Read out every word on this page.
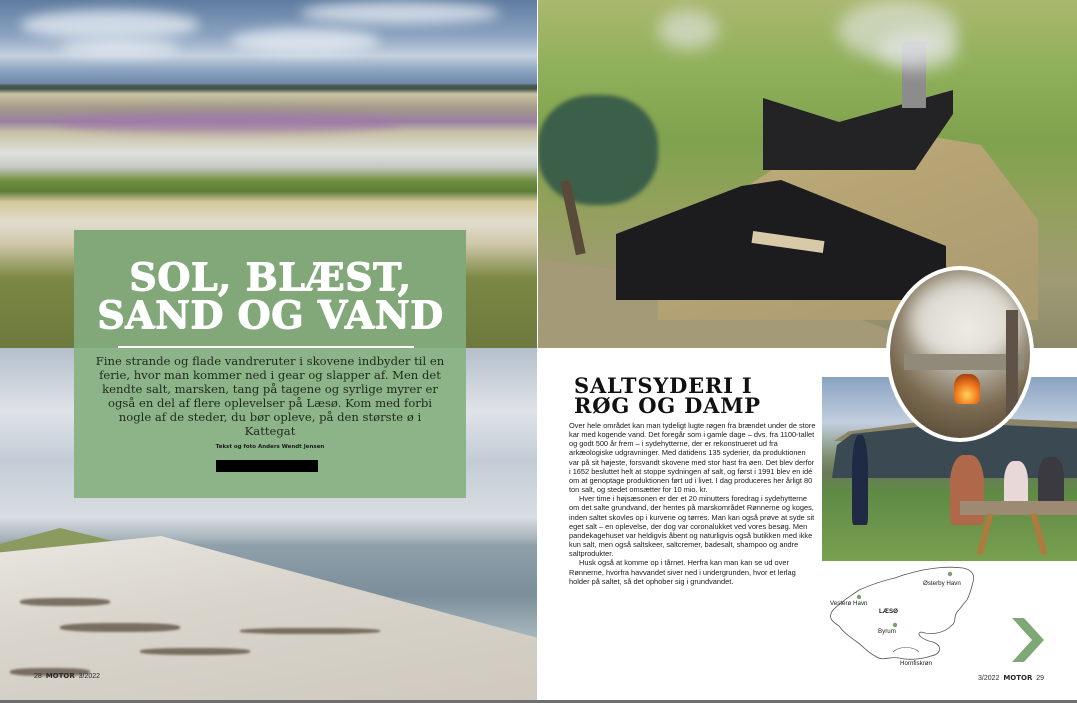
SOL, BLÆST,
SAND OG VAND

Fine strande og flade vandreruter i skovene indbyder til en ferie, hvor man kommer ned i gear og slapper af. Men det kendte salt, marsken, tang på tagene og syrlige myrer er også en del af flere oplevelser på Læsø. Kom med forbi nogle af de steder, du bør opleve, på den største ø i Kattegat

Tekst og foto Anders Wendt Jensen
28 MOTOR 3/2022
SALTSYDERI I
RØG OG DAMP

Over hele området kan man tydeligt lugte røgen fra brændet under de store kar med kogende vand. Det foregår som i gamle dage – dvs. fra 1100-tallet og godt 500 år frem – i sydehytterne, der er rekonstrueret ud fra arkæologiske udgravninger. Med datidens 135 syderier, da produktionen var på sit højeste, forsvandt skovene med stor hast fra øen. Det blev derfor i 1652 besluttet helt at stoppe sydningen af salt, og først i 1991 blev en idé om at genoptage produktionen ført ud i livet. I dag produceres her årligt 80 ton salt, og stedet omsætter for 10 mio. kr.

Hver time i højsæsonen er der et 20 minutters foredrag i sydehytterne om det salte grundvand, der hentes på marskområdet Rønnerne og koges, inden saltet skovles op i kurvene og tørres. Man kan også prøve at syde sit eget salt – en oplevelse, der dog var coronalukket ved vores besøg. Men pandekagehuset var heldigvis åbent og naturligvis også butikken med ikke kun salt, men også saltskeer, saltcremer, badesalt, shampoo og andre saltprodukter.

Husk også at komme op i tårnet. Herfra kan man kan se ud over Rønnerne, hvorfra havvandet siver ned i undergrunden, hvor et lerlag holder på saltet, så det ophober sig i grundvandet.	Østerby Havn
Vesterø Havn
LÆSØ
Byrum
Hornfiskrøn
3/2022 MOTOR 29
